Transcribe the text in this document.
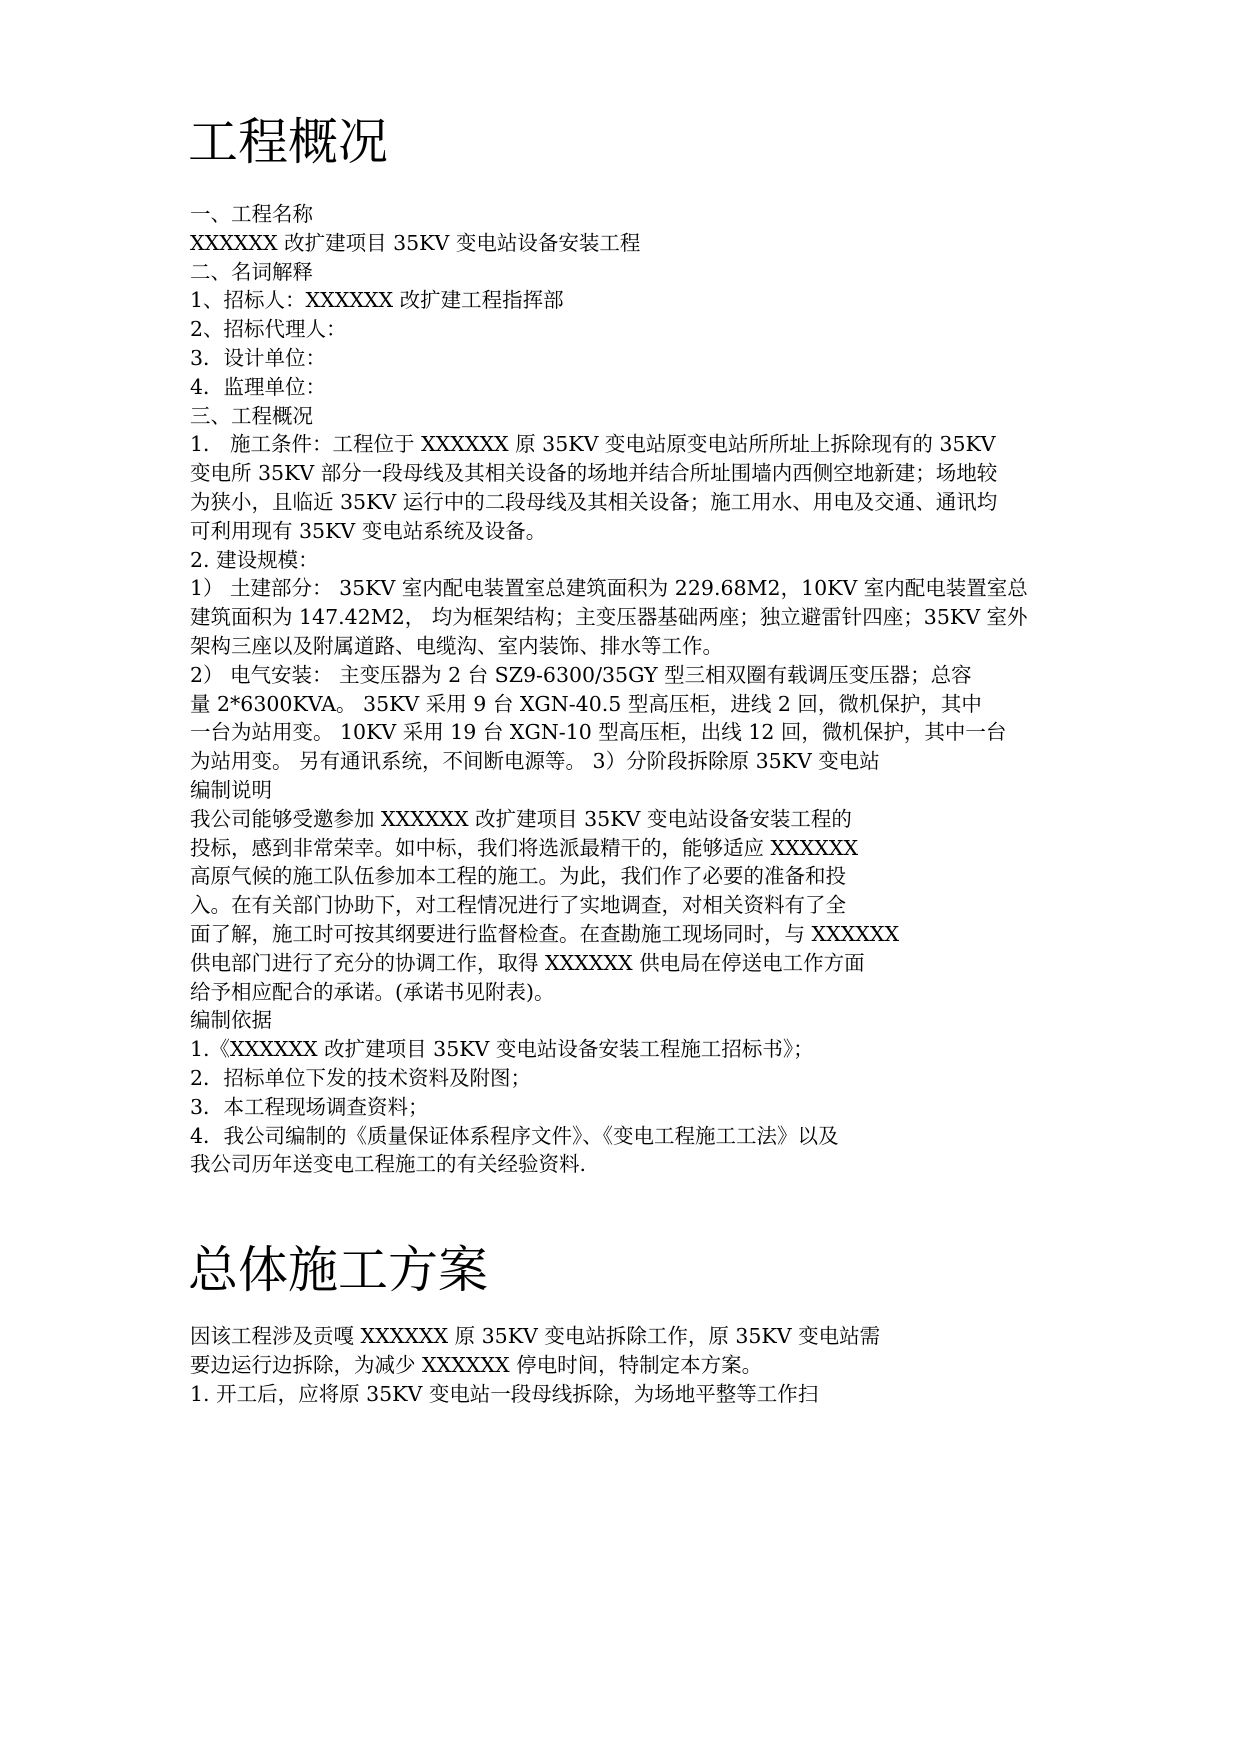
工程概况

一、工程名称

XXXXXX 改扩建项目 35KV 变电站设备安装工程

二、名词解释

1、招标人：XXXXXX 改扩建工程指挥部

2、招标代理人：

3．设计单位：

4．监理单位：

三、工程概况

1． 施工条件：工程位于 XXXXXX 原 35KV 变电站原变电站所所址上拆除现有的 35KV

变电所 35KV 部分一段母线及其相关设备的场地并结合所址围墙内西侧空地新建；场地较

为狭小，且临近 35KV 运行中的二段母线及其相关设备；施工用水、用电及交通、通讯均

可利用现有 35KV 变电站系统及设备。

2. 建设规模：

1） 土建部分： 35KV 室内配电装置室总建筑面积为 229.68M2，10KV 室内配电装置室总

建筑面积为 147.42M2， 均为框架结构；主变压器基础两座；独立避雷针四座；35KV 室外

架构三座以及附属道路、电缆沟、室内装饰、排水等工作。

2） 电气安装： 主变压器为 2 台 SZ9-6300/35GY 型三相双圈有载调压变压器；总容

量 2*6300KVA。 35KV 采用 9 台 XGN-40.5 型高压柜，进线 2 回，微机保护，其中

一台为站用变。 10KV 采用 19 台 XGN-10 型高压柜，出线 12 回，微机保护，其中一台

为站用变。 另有通讯系统，不间断电源等。 3）分阶段拆除原 35KV 变电站

编制说明

我公司能够受邀参加 XXXXXX 改扩建项目 35KV 变电站设备安装工程的

投标，感到非常荣幸。如中标，我们将选派最精干的，能够适应 XXXXXX

高原气候的施工队伍参加本工程的施工。为此，我们作了必要的准备和投

入。在有关部门协助下，对工程情况进行了实地调查，对相关资料有了全

面了解，施工时可按其纲要进行监督检查。在查勘施工现场同时，与 XXXXXX

供电部门进行了充分的协调工作，取得 XXXXXX 供电局在停送电工作方面

给予相应配合的承诺。(承诺书见附表)。

编制依据

1.《XXXXXX 改扩建项目 35KV 变电站设备安装工程施工招标书》；

2．招标单位下发的技术资料及附图；

3．本工程现场调查资料；

4．我公司编制的《质量保证体系程序文件》、《变电工程施工工法》以及

我公司历年送变电工程施工的有关经验资料.

总体施工方案

因该工程涉及贡嘎 XXXXXX 原 35KV 变电站拆除工作，原 35KV 变电站需

要边运行边拆除，为减少 XXXXXX 停电时间，特制定本方案。

1. 开工后，应将原 35KV 变电站一段母线拆除，为场地平整等工作扫
